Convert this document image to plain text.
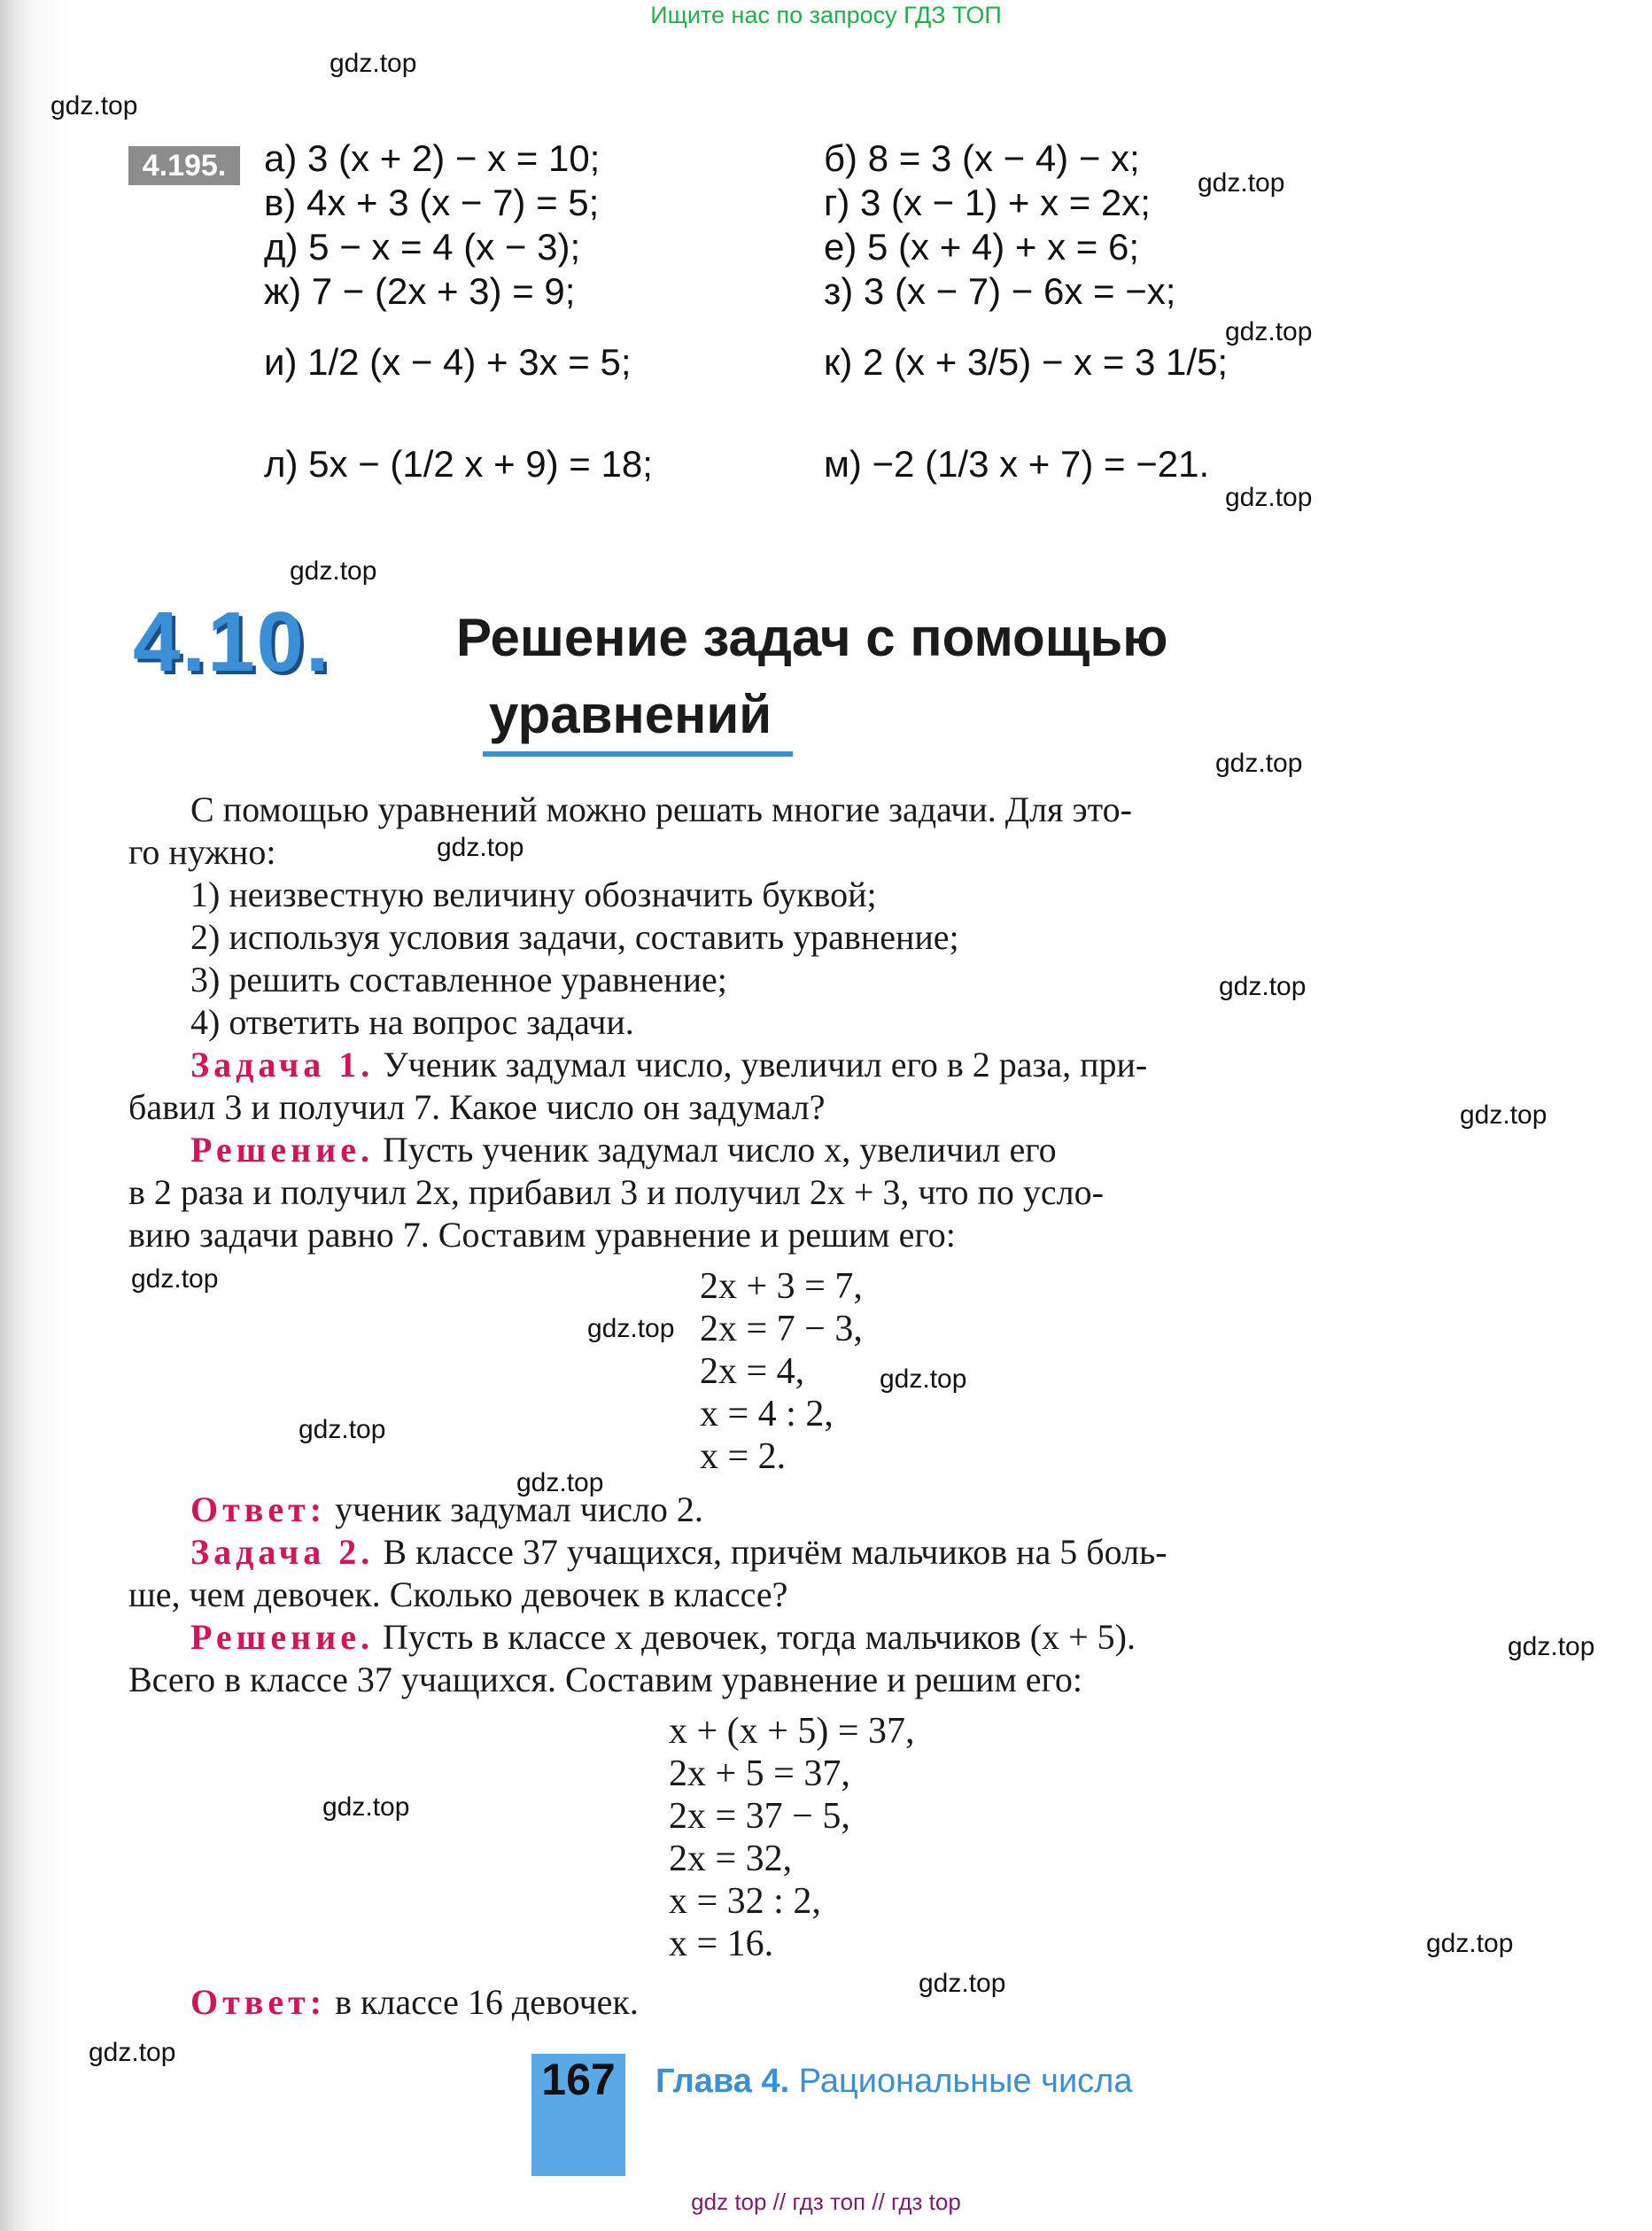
Ищите нас по запросу ГДЗ ТОП
4.195.	а) 3 (x + 2) − x = 10;	б) 8 = 3 (x − 4) − x;
в) 4x + 3 (x − 7) = 5;	г) 3 (x − 1) + x = 2x;
д) 5 − x = 4 (x − 3);	е) 5 (x + 4) + x = 6;
ж) 7 − (2x + 3) = 9;	з) 3 (x − 7) − 6x = −x;
и) 1/2 (x − 4) + 3x = 5;	к) 2 (x + 3/5) − x = 3 1/5;
л) 5x − (1/2 x + 9) = 18;	м) −2 (1/3 x + 7) = −21.
4.10. Решение задач с помощью
уравнений
С помощью уравнений можно решать многие задачи. Для это-
го нужно:
1) неизвестную величину обозначить буквой;
2) используя условия задачи, составить уравнение;
3) решить составленное уравнение;
4) ответить на вопрос задачи.
Задача 1. Ученик задумал число, увеличил его в 2 раза, при-
бавил 3 и получил 7. Какое число он задумал?
Решение. Пусть ученик задумал число x, увеличил его
в 2 раза и получил 2x, прибавил 3 и получил 2x + 3, что по усло-
вию задачи равно 7. Составим уравнение и решим его:
2x + 3 = 7,
2x = 7 − 3,
2x = 4,
x = 4 : 2,
x = 2.
Ответ: ученик задумал число 2.
Задача 2. В классе 37 учащихся, причём мальчиков на 5 боль-
ше, чем девочек. Сколько девочек в классе?
Решение. Пусть в классе x девочек, тогда мальчиков (x + 5).
Всего в классе 37 учащихся. Составим уравнение и решим его:
x + (x + 5) = 37,
2x + 5 = 37,
2x = 37 − 5,
2x = 32,
x = 32 : 2,
x = 16.
Ответ: в классе 16 девочек.
167 Глава 4. Рациональные числа
gdz top // гдз топ // гдз top
gdz.top
gdz.top
gdz.top
gdz.top
gdz.top
gdz.top
gdz.top
gdz.top
gdz.top
gdz.top
gdz.top
gdz.top
gdz.top
gdz.top
gdz.top
gdz.top
gdz.top
gdz.top
gdz.top
gdz.top
